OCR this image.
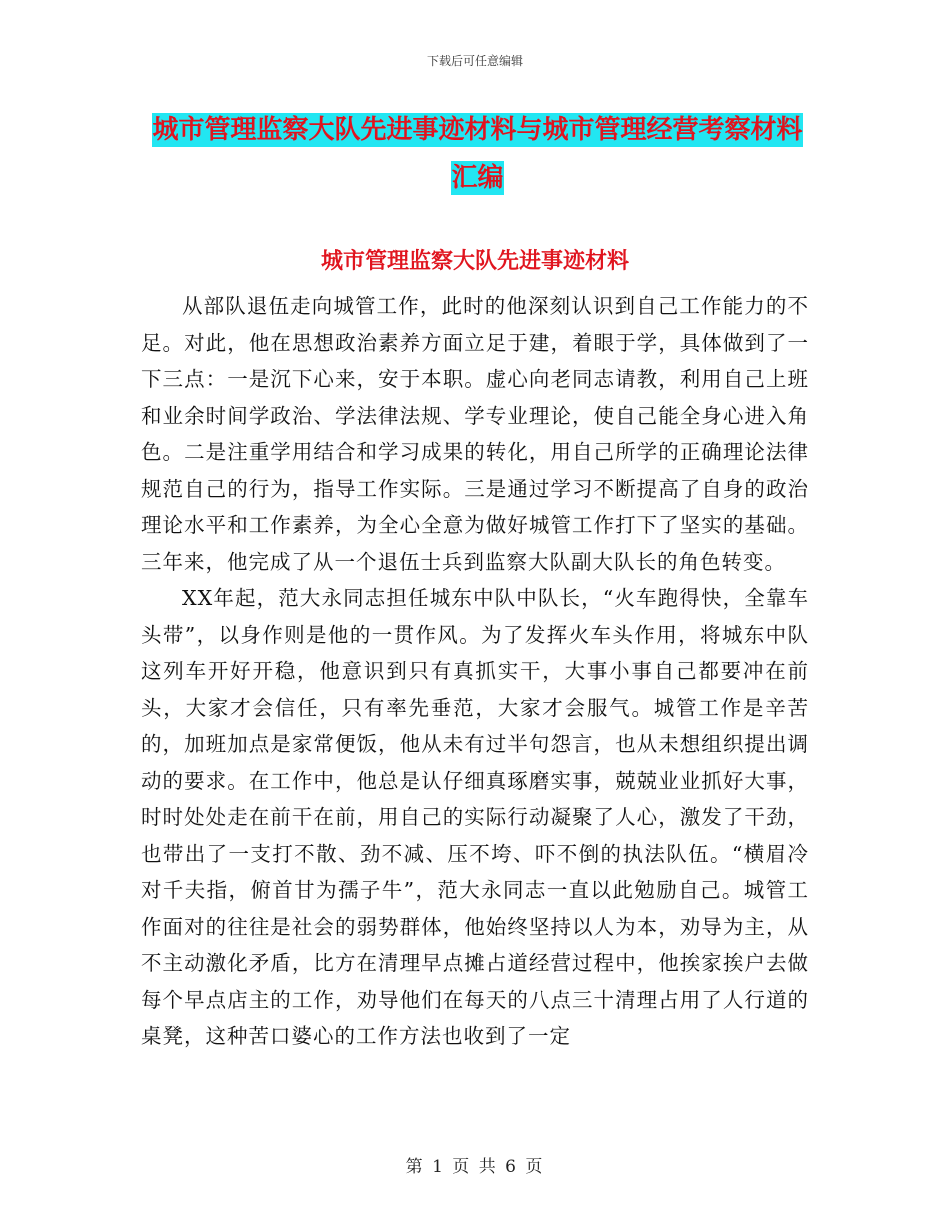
下载后可任意编辑
城市管理监察大队先进事迹材料与城市管理经营考察材料汇编
城市管理监察大队先进事迹材料

从部队退伍走向城管工作，此时的他深刻认识到自己工作能力的不足。对此，他在思想政治素养方面立足于建，着眼于学，具体做到了一下三点：一是沉下心来，安于本职。虚心向老同志请教，利用自己上班和业余时间学政治、学法律法规、学专业理论，使自己能全身心进入角色。二是注重学用结合和学习成果的转化，用自己所学的正确理论法律规范自己的行为，指导工作实际。三是通过学习不断提高了自身的政治理论水平和工作素养，为全心全意为做好城管工作打下了坚实的基础。三年来，他完成了从一个退伍士兵到监察大队副大队长的角色转变。

XX年起，范大永同志担任城东中队中队长，“火车跑得快，全靠车头带”，以身作则是他的一贯作风。为了发挥火车头作用，将城东中队这列车开好开稳，他意识到只有真抓实干，大事小事自己都要冲在前头，大家才会信任，只有率先垂范，大家才会服气。城管工作是辛苦的，加班加点是家常便饭，他从未有过半句怨言，也从未想组织提出调动的要求。在工作中，他总是认仔细真琢磨实事，兢兢业业抓好大事，时时处处走在前干在前，用自己的实际行动凝聚了人心，激发了干劲，也带出了一支打不散、劲不减、压不垮、吓不倒的执法队伍。“横眉冷对千夫指，俯首甘为孺子牛”，范大永同志一直以此勉励自己。城管工作面对的往往是社会的弱势群体，他始终坚持以人为本，劝导为主，从不主动激化矛盾，比方在清理早点摊占道经营过程中，他挨家挨户去做每个早点店主的工作，劝导他们在每天的八点三十清理占用了人行道的桌凳，这种苦口婆心的工作方法也收到了一定

第 1 页 共 6 页
